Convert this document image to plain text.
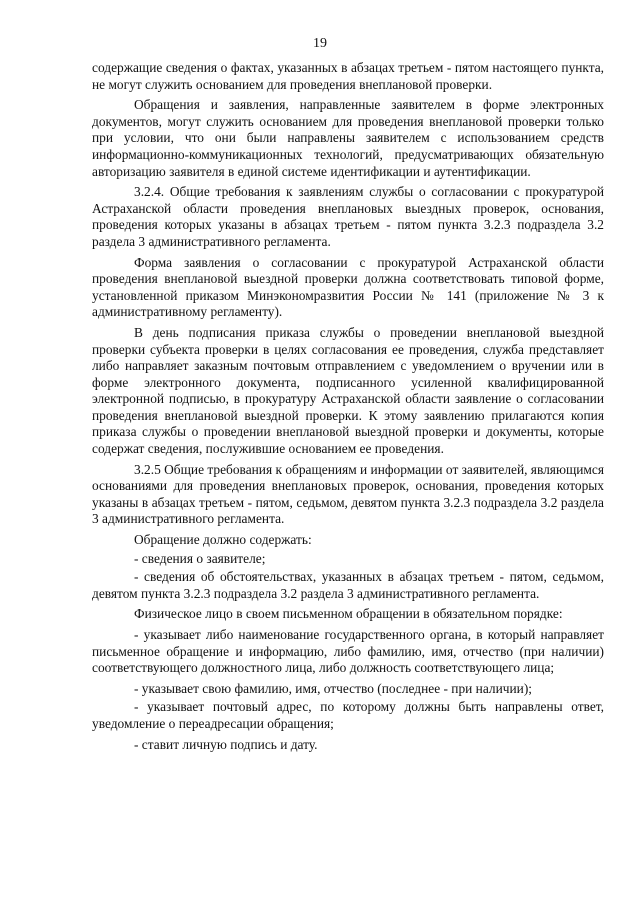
19

содержащие сведения о фактах, указанных в абзацах третьем - пятом настоящего пункта, не могут служить основанием для проведения внеплановой проверки.

Обращения и заявления, направленные заявителем в форме электронных документов, могут служить основанием для проведения внеплановой проверки только при условии, что они были направлены заявителем с использованием средств информационно-коммуникационных технологий, предусматривающих обязательную авторизацию заявителя в единой системе идентификации и аутентификации.

3.2.4. Общие требования к заявлениям службы о согласовании с прокуратурой Астраханской области проведения внеплановых выездных проверок, основания, проведения которых указаны в абзацах третьем - пятом пункта 3.2.3 подраздела 3.2 раздела 3 административного регламента.

Форма заявления о согласовании с прокуратурой Астраханской области проведения внеплановой выездной проверки должна соответствовать типовой форме, установленной приказом Минэкономразвития России № 141 (приложение № 3 к административному регламенту).

В день подписания приказа службы о проведении внеплановой выездной проверки субъекта проверки в целях согласования ее проведения, служба представляет либо направляет заказным почтовым отправлением с уведомлением о вручении или в форме электронного документа, подписанного усиленной квалифицированной электронной подписью, в прокуратуру Астраханской области заявление о согласовании проведения внеплановой выездной проверки. К этому заявлению прилагаются копия приказа службы о проведении внеплановой выездной проверки и документы, которые содержат сведения, послужившие основанием ее проведения.

3.2.5 Общие требования к обращениям и информации от заявителей, являющимся основаниями для проведения внеплановых проверок, основания, проведения которых указаны в абзацах третьем - пятом, седьмом, девятом пункта 3.2.3 подраздела 3.2 раздела 3 административного регламента.

Обращение должно содержать:

- сведения о заявителе;

- сведения об обстоятельствах, указанных в абзацах третьем - пятом, седьмом, девятом пункта 3.2.3 подраздела 3.2 раздела 3 административного регламента.

Физическое лицо в своем письменном обращении в обязательном порядке:

- указывает либо наименование государственного органа, в который направляет письменное обращение и информацию, либо фамилию, имя, отчество (при наличии) соответствующего должностного лица, либо должность соответствующего лица;

- указывает свою фамилию, имя, отчество (последнее - при наличии);

- указывает почтовый адрес, по которому должны быть направлены ответ, уведомление о переадресации обращения;

- ставит личную подпись и дату.
